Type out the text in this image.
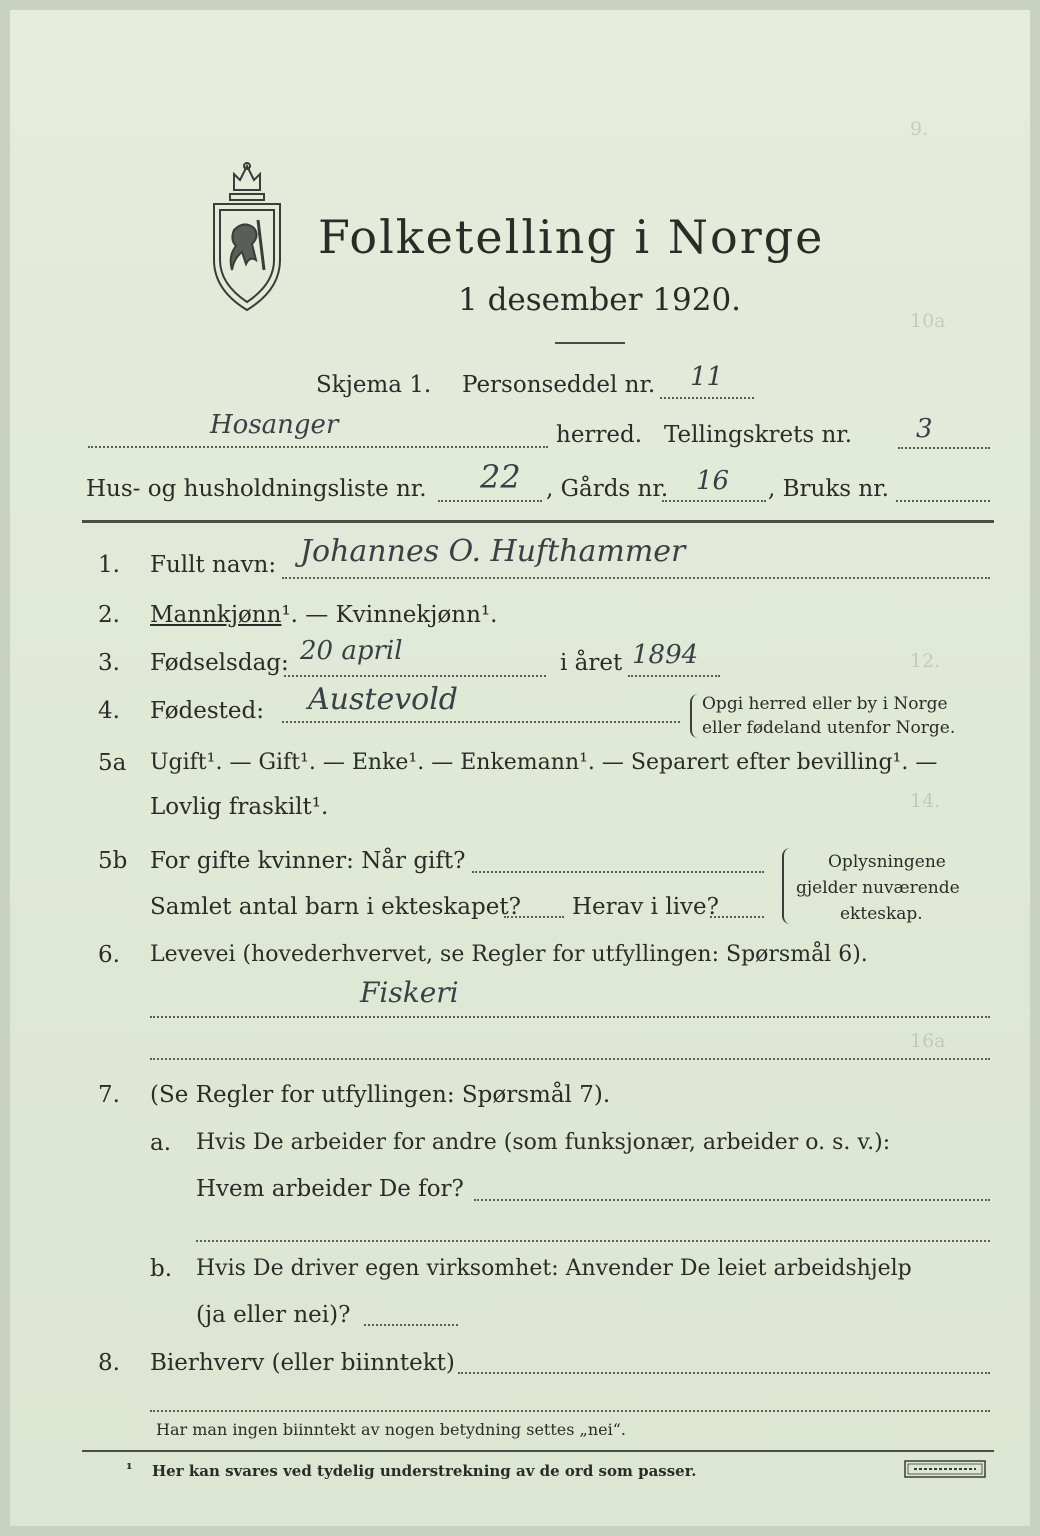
9.
10a
12.
14.
16a
Folketelling i Norge
1 desember 1920.
Skjema 1. Personseddel nr. 11
Hosanger	herred. Tellingskrets nr. 3
Hus- og husholdningsliste nr. 22 , Gårds nr. 16 , Bruks nr.
1.	Fullt navn: Johannes O. Hufthammer
2.	Mannkjønn¹. — Kvinnekjønn¹.
3.	Fødselsdag: 20 april	i året 1894
4.	Fødested: Austevold	Opgi herred eller by i Norge
eller fødeland utenfor Norge.
5a	Ugift¹. — Gift¹. — Enke¹. — Enkemann¹. — Separert efter bevilling¹. —
Lovlig fraskilt¹.
5b For gifte kvinner: Når gift?
Samlet antal barn i ekteskapet? Herav i live?
Oplysningene
gjelder nuværende
ekteskap.
6.	Levevei (hovederhvervet, se Regler for utfyllingen: Spørsmål 6).
Fiskeri
7.	(Se Regler for utfyllingen: Spørsmål 7).
a. Hvis De arbeider for andre (som funksjonær, arbeider o. s. v.):
Hvem arbeider De for?
b. Hvis De driver egen virksomhet: Anvender De leiet arbeidshjelp
(ja eller nei)?
8.	Bierhverv (eller biinntekt)
Har man ingen biinntekt av nogen betydning settes „nei“.
¹ Her kan svares ved tydelig understrekning av de ord som passer.
